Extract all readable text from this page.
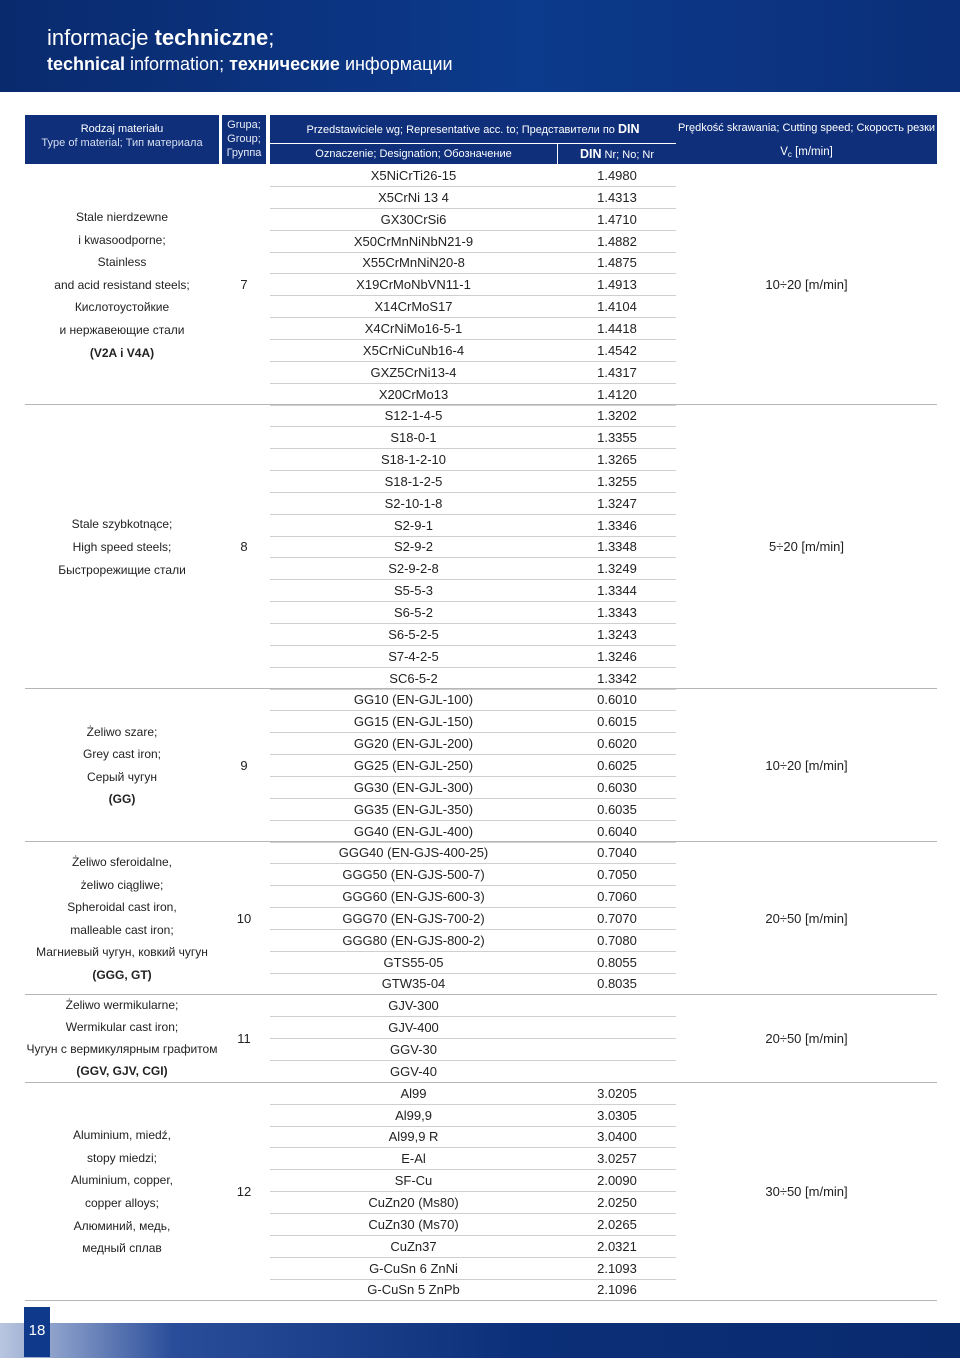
informacje techniczne;
technical information; технические информации
Rodzaj materiału
Type of material; Тип материала
Grupa;
Group;
Группа
Przedstawiciele wg; Representative acc. to; Представители по DIN
Oznaczenie; Designation; Обозначение	DIN Nr; No; Nr
Prędkość skrawania; Cutting speed; Скорость резки
Vc [m/min]
X5NiCrTi26-15	1.4980
X5CrNi 13 4	1.4313
GX30CrSi6	1.4710
X50CrMnNiNbN21-9	1.4882
X55CrMnNiN20-8	1.4875
X19CrMoNbVN11-1	1.4913
X14CrMoS17	1.4104
X4CrNiMo16-5-1	1.4418
X5CrNiCuNb16-4	1.4542
GXZ5CrNi13-4	1.4317
X20CrMo13	1.4120
Stale nierdzewne
i kwasoodporne;
Stainless
and acid resistand steels;
Кислотоустойкие
и нержавеющие стали
(V2A i V4A)
7	10÷20 [m/min]
S12-1-4-5	1.3202
S18-0-1	1.3355
S18-1-2-10	1.3265
S18-1-2-5	1.3255
S2-10-1-8	1.3247
S2-9-1	1.3346
S2-9-2	1.3348
S2-9-2-8	1.3249
S5-5-3	1.3344
S6-5-2	1.3343
S6-5-2-5	1.3243
S7-4-2-5	1.3246
SC6-5-2	1.3342
Stale szybkotnące;
High speed steels;
Быстрорежищие стали
8	5÷20 [m/min]
GG10 (EN-GJL-100)	0.6010
GG15 (EN-GJL-150)	0.6015
GG20 (EN-GJL-200)	0.6020
GG25 (EN-GJL-250)	0.6025
GG30 (EN-GJL-300)	0.6030
GG35 (EN-GJL-350)	0.6035
GG40 (EN-GJL-400)	0.6040
Żeliwo szare;
Grey cast iron;
Серый чугун
(GG)
9	10÷20 [m/min]
GGG40 (EN-GJS-400-25)	0.7040
GGG50 (EN-GJS-500-7)	0.7050
GGG60 (EN-GJS-600-3)	0.7060
GGG70 (EN-GJS-700-2)	0.7070
GGG80 (EN-GJS-800-2)	0.7080
GTS55-05	0.8055
GTW35-04	0.8035
Żeliwo sferoidalne,
żeliwo ciągliwe;
Spheroidal cast iron,
malleable cast iron;
Магниевый чугун, ковкий чугун
(GGG, GT)
10	20÷50 [m/min]
GJV-300
GJV-400
GGV-30
GGV-40
Żeliwo wermikularne;
Wermikular cast iron;
Чугун с вермикулярным графитом
(GGV, GJV, CGI)
11	20÷50 [m/min]
Al99	3.0205
Al99,9	3.0305
Al99,9 R	3.0400
E-Al	3.0257
SF-Cu	2.0090
CuZn20 (Ms80)	2.0250
CuZn30 (Ms70)	2.0265
CuZn37	2.0321
G-CuSn 6 ZnNi	2.1093
G-CuSn 5 ZnPb	2.1096
Aluminium, miedź,
stopy miedzi;
Aluminium, copper,
copper alloys;
Алюминий, медь,
медный сплав
12	30÷50 [m/min]
18
